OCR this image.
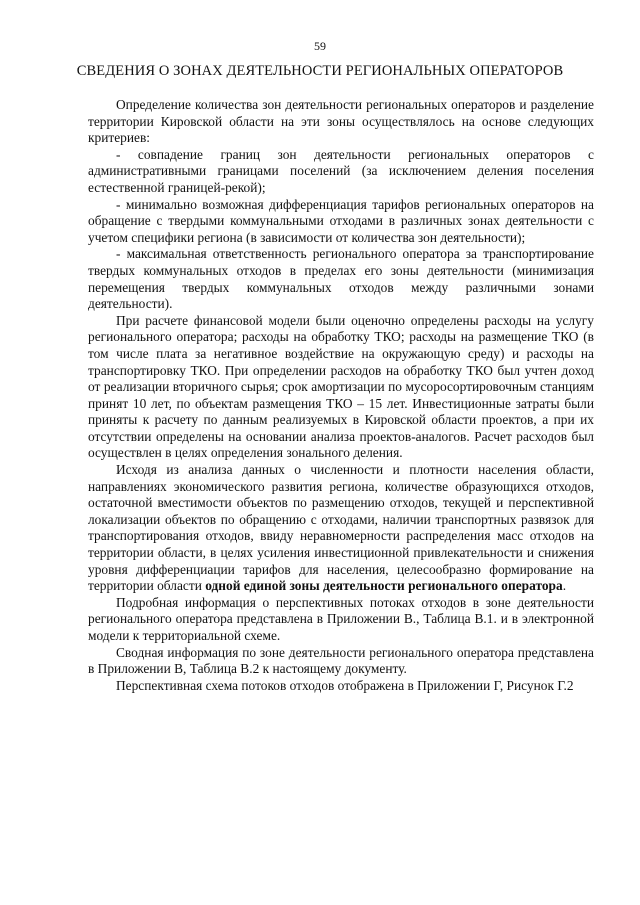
59
СВЕДЕНИЯ О ЗОНАХ ДЕЯТЕЛЬНОСТИ РЕГИОНАЛЬНЫХ ОПЕРАТОРОВ

Определение количества зон деятельности региональных операторов и разделение территории Кировской области на эти зоны осуществлялось на основе следующих критериев:

- совпадение границ зон деятельности региональных операторов с административными границами поселений (за исключением деления поселения естественной границей-рекой);

- минимально возможная дифференциация тарифов региональных операторов на обращение с твердыми коммунальными отходами в различных зонах деятельности с учетом специфики региона (в зависимости от количества зон деятельности);

- максимальная ответственность регионального оператора за транспортирование твердых коммунальных отходов в пределах его зоны деятельности (минимизация перемещения твердых коммунальных отходов между различными зонами деятельности).

При расчете финансовой модели были оценочно определены расходы на услугу регионального оператора; расходы на обработку ТКО; расходы на размещение ТКО (в том числе плата за негативное воздействие на окружающую среду) и расходы на транспортировку ТКО. При определении расходов на обработку ТКО был учтен доход от реализации вторичного сырья; срок амортизации по мусоросортировочным станциям принят 10 лет, по объектам размещения ТКО – 15 лет. Инвестиционные затраты были приняты к расчету по данным реализуемых в Кировской области проектов, а при их отсутствии определены на основании анализа проектов-аналогов. Расчет расходов был осуществлен в целях определения зонального деления.

Исходя из анализа данных о численности и плотности населения области, направлениях экономического развития региона, количестве образующихся отходов, остаточной вместимости объектов по размещению отходов, текущей и перспективной локализации объектов по обращению с отходами, наличии транспортных развязок для транспортирования отходов, ввиду неравномерности распределения масс отходов на территории области, в целях усиления инвестиционной привлекательности и снижения уровня дифференциации тарифов для населения, целесообразно формирование на территории области одной единой зоны деятельности регионального оператора.

Подробная информация о перспективных потоках отходов в зоне деятельности регионального оператора представлена в Приложении В., Таблица В.1. и в электронной модели к территориальной схеме.

Сводная информация по зоне деятельности регионального оператора представлена в Приложении В, Таблица В.2 к настоящему документу.

Перспективная схема потоков отходов отображена в Приложении Г, Рисунок Г.2
